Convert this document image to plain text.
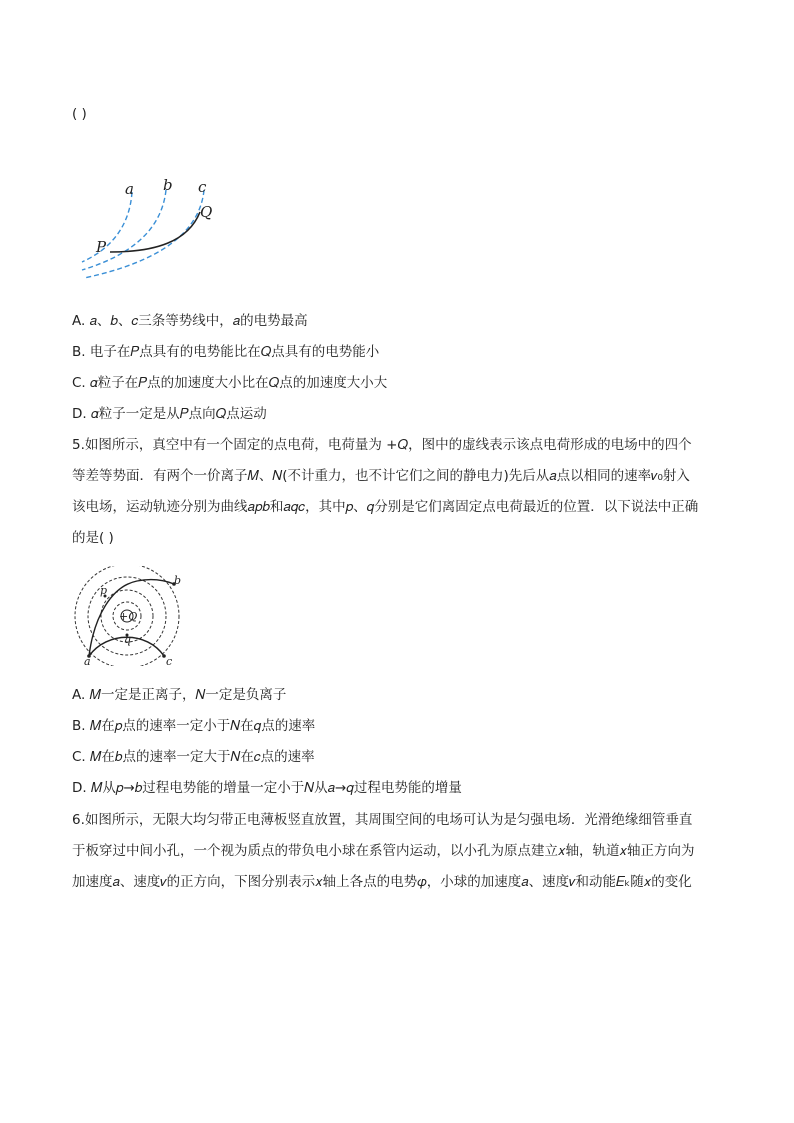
( )
a b c
Q
P
A. 𝑎、𝑏、𝑐三条等势线中，𝑎的电势最高
B. 电子在𝑃点具有的电势能比在𝑄点具有的电势能小
C. 𝛼粒子在𝑃点的加速度大小比在𝑄点的加速度大小大
D. 𝛼粒子一定是从𝑃点向𝑄点运动
5.如图所示，真空中有一个固定的点电荷，电荷量为 +𝑄，图中的虚线表示该点电荷形成的电场中的四个
等差等势面．有两个一价离子𝑀、𝑁(不计重力，也不计它们之间的静电力)先后从𝑎点以相同的速率𝑣₀射入
该电场，运动轨迹分别为曲线𝑎𝑝𝑏和𝑎𝑞𝑐，其中𝑝、𝑞分别是它们离固定点电荷最近的位置．以下说法中正确
的是( )
b
p
+Q
q
a	c
A. 𝑀一定是正离子，𝑁一定是负离子
B. 𝑀在𝑝点的速率一定小于𝑁在𝑞点的速率
C. 𝑀在𝑏点的速率一定大于𝑁在𝑐点的速率
D. 𝑀从𝑝→𝑏过程电势能的增量一定小于𝑁从𝑎→𝑞过程电势能的增量
6.如图所示，无限大均匀带正电薄板竖直放置，其周围空间的电场可认为是匀强电场．光滑绝缘细管垂直
于板穿过中间小孔，一个视为质点的带负电小球在系管内运动，以小孔为原点建立𝑥轴，轨道𝑥轴正方向为
加速度𝑎、速度𝑣的正方向，下图分别表示𝑥轴上各点的电势𝜑，小球的加速度𝑎、速度𝑣和动能𝐸ₖ随𝑥的变化
